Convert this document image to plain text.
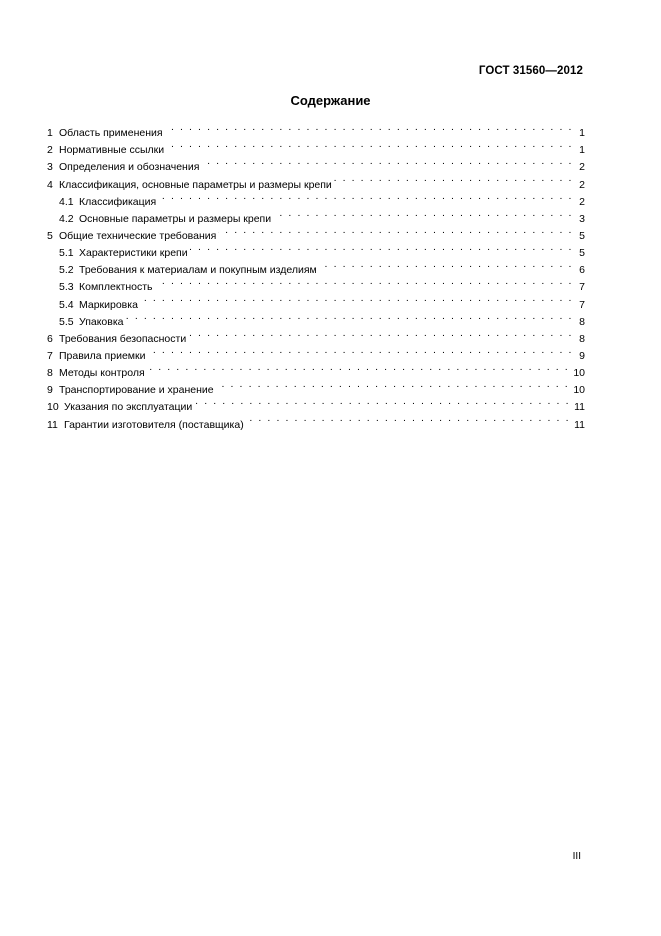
ГОСТ 31560—2012
Содержание
1 Область применения . . .	1
2 Нормативные ссылки . . .	1
3 Определения и обозначения . . .	2
4 Классификация, основные параметры и размеры крепи . . .	2
4.1 Классификация . . .	2
4.2 Основные параметры и размеры крепи . . .	3
5 Общие технические требования . . .	5
5.1 Характеристики крепи . . .	5
5.2 Требования к материалам и покупным изделиям . . .	6
5.3 Комплектность . . .	7
5.4 Маркировка . . .	7
5.5 Упаковка . . .	8
6 Требования безопасности . . .	8
7 Правила приемки . . .	9
8 Методы контроля . . .	10
9 Транспортирование и хранение . . .	10
10 Указания по эксплуатации . . .	11
11 Гарантии изготовителя (поставщика) . . .	11
III
